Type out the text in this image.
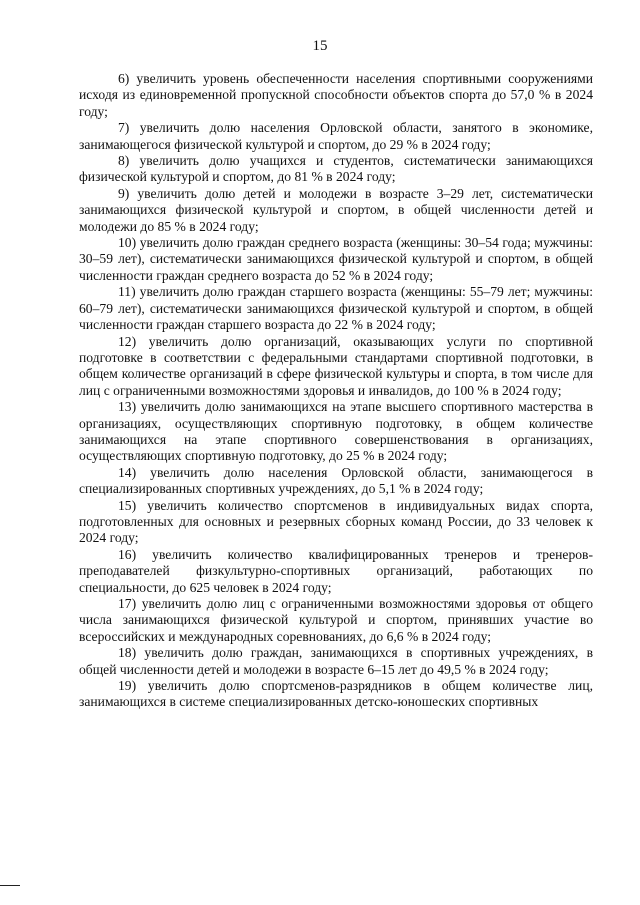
15

6) увеличить уровень обеспеченности населения спортивными сооружениями исходя из единовременной пропускной способности объектов спорта до 57,0 % в 2024 году;

7) увеличить долю населения Орловской области, занятого в экономике, занимающегося физической культурой и спортом, до 29 % в 2024 году;

8) увеличить долю учащихся и студентов, систематически занимающихся физической культурой и спортом, до 81 % в 2024 году;

9) увеличить долю детей и молодежи в возрасте 3–29 лет, систематически занимающихся физической культурой и спортом, в общей численности детей и молодежи до 85 % в 2024 году;

10) увеличить долю граждан среднего возраста (женщины: 30–54 года; мужчины: 30–59 лет), систематически занимающихся физической культурой и спортом, в общей численности граждан среднего возраста до 52 % в 2024 году;

11) увеличить долю граждан старшего возраста (женщины: 55–79 лет; мужчины: 60–79 лет), систематически занимающихся физической культурой и спортом, в общей численности граждан старшего возраста до 22 % в 2024 году;

12) увеличить долю организаций, оказывающих услуги по спортивной подготовке в соответствии с федеральными стандартами спортивной подготовки, в общем количестве организаций в сфере физической культуры и спорта, в том числе для лиц с ограниченными возможностями здоровья и инвалидов, до 100 % в 2024 году;

13) увеличить долю занимающихся на этапе высшего спортивного мастерства в организациях, осуществляющих спортивную подготовку, в общем количестве занимающихся на этапе спортивного совершенствования в организациях, осуществляющих спортивную подготовку, до 25 % в 2024 году;

14) увеличить долю населения Орловской области, занимающегося в специализированных спортивных учреждениях, до 5,1 % в 2024 году;

15) увеличить количество спортсменов в индивидуальных видах спорта, подготовленных для основных и резервных сборных команд России, до 33 человек к 2024 году;

16) увеличить количество квалифицированных тренеров и тренеров-преподавателей физкультурно-спортивных организаций, работающих по специальности, до 625 человек в 2024 году;

17) увеличить долю лиц с ограниченными возможностями здоровья от общего числа занимающихся физической культурой и спортом, принявших участие во всероссийских и международных соревнованиях, до 6,6 % в 2024 году;

18) увеличить долю граждан, занимающихся в спортивных учреждениях, в общей численности детей и молодежи в возрасте 6–15 лет до 49,5 % в 2024 году;

19) увеличить долю спортсменов-разрядников в общем количестве лиц, занимающихся в системе специализированных детско-юношеских спортивных
